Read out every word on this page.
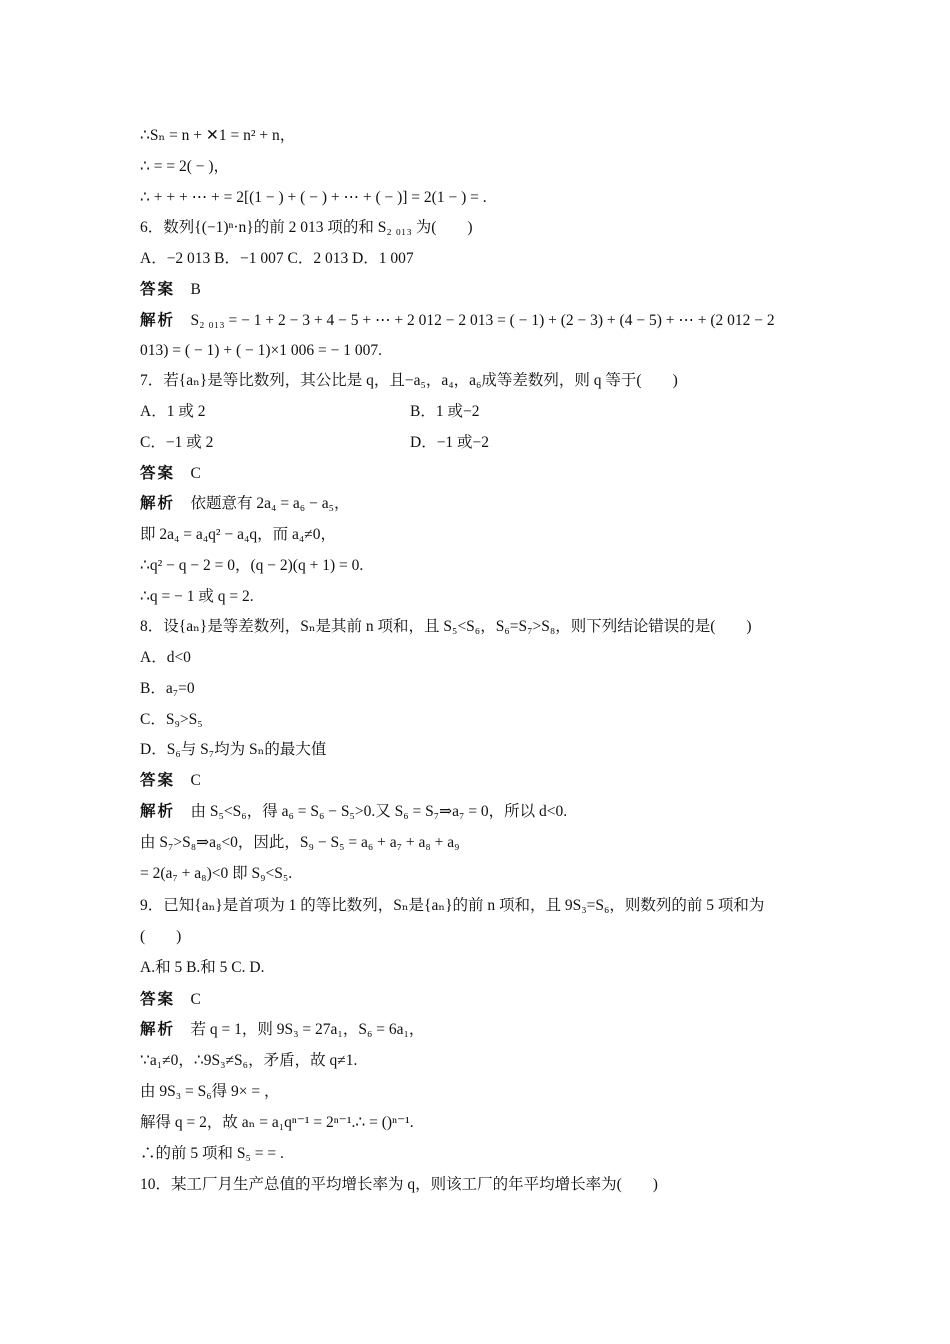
∴Sₙ = n + ✕1 = n² + n，
∴ = = 2( − )，
∴ + + + ⋯ + = 2[(1 − ) + ( − ) + ⋯ + ( − )] = 2(1 − ) = .
6．数列{(−1)ⁿ·n}的前 2 013 项的和 S₂ ₀₁₃ 为(　　)
A．−2 013 B．−1 007 C．2 013 D．1 007
答案　 B
解析　 S₂ ₀₁₃ = − 1 + 2 − 3 + 4 − 5 + ⋯ + 2 012 − 2 013 = ( − 1) + (2 − 3) + (4 − 5) + ⋯ + (2 012 − 2
013) = ( − 1) + ( − 1)×1 006 = − 1 007.
7．若{aₙ}是等比数列，其公比是 q，且−a₅，a₄，a₆成等差数列，则 q 等于(　　)
A．1 或 2	B．1 或−2
C．−1 或 2	D．−1 或−2
答案　 C
解析　 依题意有 2a₄ = a₆ − a₅，
即 2a₄ = a₄q² − a₄q，而 a₄≠0，
∴q² − q − 2 = 0，(q − 2)(q + 1) = 0.
∴q = − 1 或 q = 2.
8．设{aₙ}是等差数列，Sₙ是其前 n 项和，且 S₅<S₆，S₆=S₇>S₈，则下列结论错误的是(　　)
A．d<0
B．a₇=0
C．S₉>S₅
D．S₆与 S₇均为 Sₙ的最大值
答案　 C
解析　 由 S₅<S₆，得 a₆ = S₆ − S₅>0.又 S₆ = S₇⇒a₇ = 0，所以 d<0.
由 S₇>S₈⇒a₈<0，因此，S₉ − S₅ = a₆ + a₇ + a₈ + a₉
= 2(a₇ + a₈)<0 即 S₉<S₅.
9．已知{aₙ}是首项为 1 的等比数列，Sₙ是{aₙ}的前 n 项和，且 9S₃=S₆，则数列的前 5 项和为
(　　)
A.和 5 B.和 5 C. D.
答案　 C
解析　 若 q = 1，则 9S₃ = 27a₁，S₆ = 6a₁，
∵a₁≠0，∴9S₃≠S₆，矛盾，故 q≠1.
由 9S₃ = S₆得 9× = ，
解得 q = 2，故 aₙ = a₁qⁿ⁻¹ = 2ⁿ⁻¹.∴ = ()ⁿ⁻¹.
∴的前 5 项和 S₅ = = .
10．某工厂月生产总值的平均增长率为 q，则该工厂的年平均增长率为(　　)
